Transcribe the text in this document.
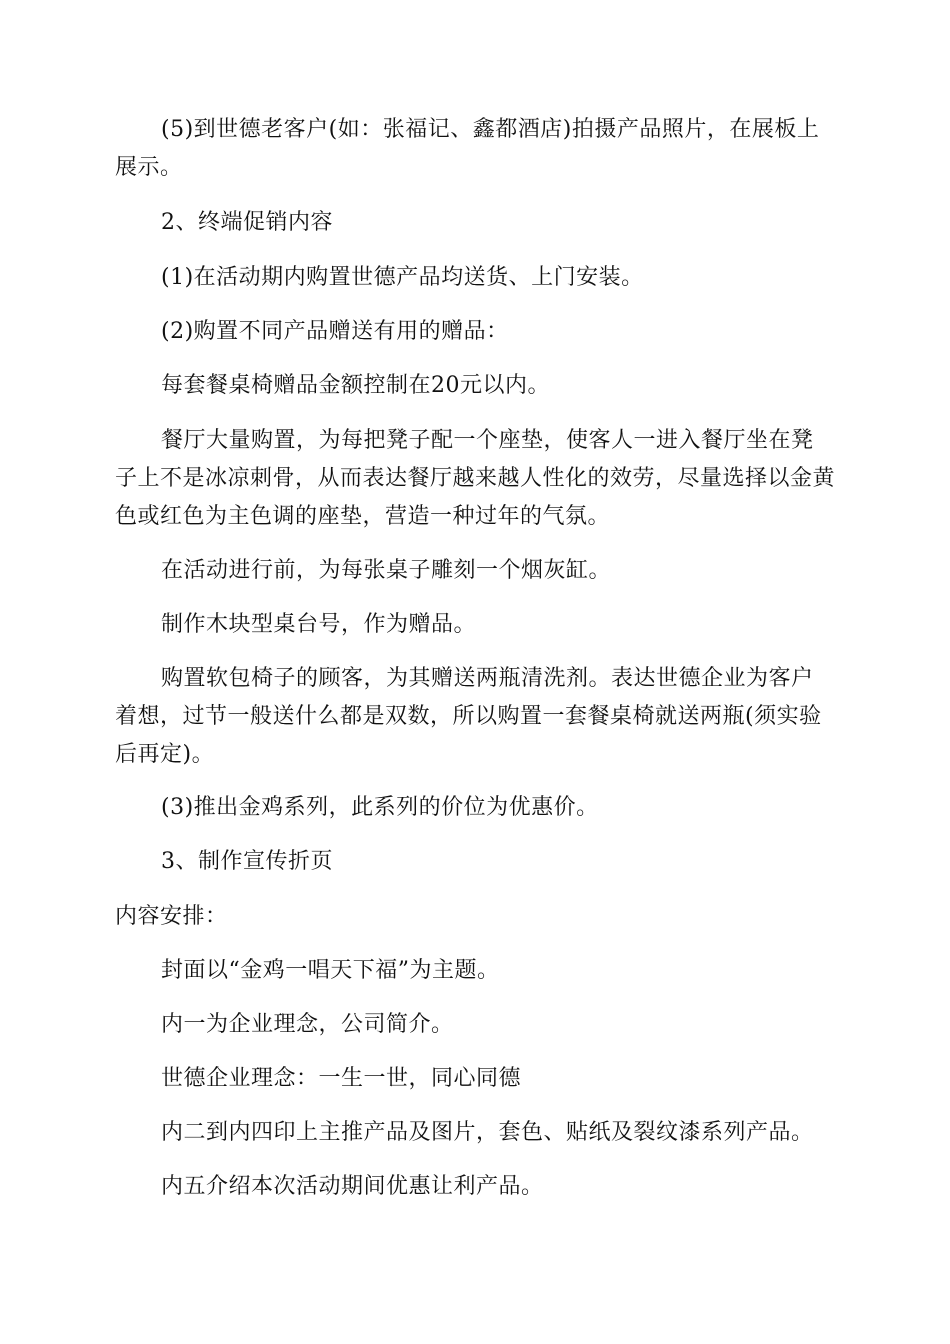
(5)到世德老客户(如：张福记、鑫都酒店)拍摄产品照片，在展板上展示。

2、终端促销内容

(1)在活动期内购置世德产品均送货、上门安装。

(2)购置不同产品赠送有用的赠品：

每套餐桌椅赠品金额控制在20元以内。

餐厅大量购置，为每把凳子配一个座垫，使客人一进入餐厅坐在凳子上不是冰凉刺骨，从而表达餐厅越来越人性化的效劳，尽量选择以金黄色或红色为主色调的座垫，营造一种过年的气氛。

在活动进行前，为每张桌子雕刻一个烟灰缸。

制作木块型桌台号，作为赠品。

购置软包椅子的顾客，为其赠送两瓶清洗剂。表达世德企业为客户着想，过节一般送什么都是双数，所以购置一套餐桌椅就送两瓶(须实验后再定)。

(3)推出金鸡系列，此系列的价位为优惠价。

3、制作宣传折页

内容安排：

封面以“金鸡一唱天下福”为主题。

内一为企业理念，公司简介。

世德企业理念：一生一世，同心同德

内二到内四印上主推产品及图片，套色、贴纸及裂纹漆系列产品。

内五介绍本次活动期间优惠让利产品。
